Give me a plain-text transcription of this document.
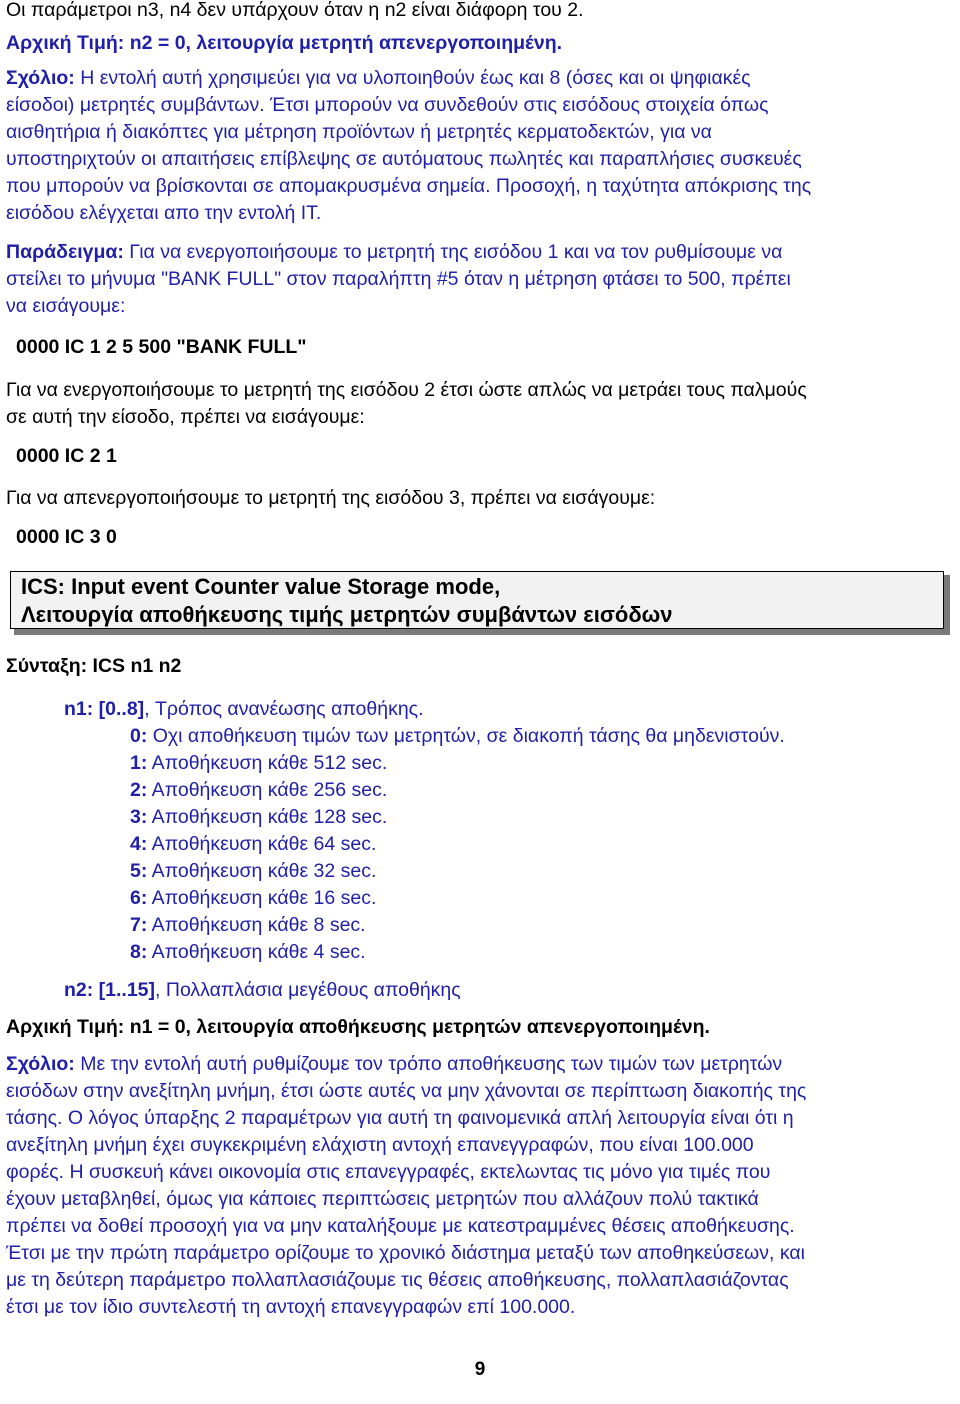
Οι παράμετροι n3, n4 δεν υπάρχουν όταν η n2 είναι διάφορη του 2.

Αρχική Τιμή: n2 = 0, λειτουργία μετρητή απενεργοποιημένη.

Σχόλιο: Η εντολή αυτή χρησιμεύει για να υλοποιηθούν έως και 8 (όσες και οι ψηφιακές
είσοδοι) μετρητές συμβάντων. Έτσι μπορούν να συνδεθούν στις εισόδους στοιχεία όπως
αισθητήρια ή διακόπτες για μέτρηση προϊόντων ή μετρητές κερματοδεκτών, για να
υποστηριχτούν οι απαιτήσεις επίβλεψης σε αυτόματους πωλητές και παραπλήσιες συσκευές
που μπορούν να βρίσκονται σε απομακρυσμένα σημεία. Προσοχή, η ταχύτητα απόκρισης της
εισόδου ελέγχεται απο την εντολή IT.

Παράδειγμα: Για να ενεργοποιήσουμε το μετρητή της εισόδου 1 και να τον ρυθμίσουμε να
στείλει το μήνυμα "BANK FULL" στον παραλήπτη #5 όταν η μέτρηση φτάσει το 500, πρέπει
να εισάγουμε:

0000 IC 1 2 5 500 "BANK FULL"

Για να ενεργοποιήσουμε το μετρητή της εισόδου 2 έτσι ώστε απλώς να μετράει τους παλμούς
σε αυτή την είσοδο, πρέπει να εισάγουμε:

0000 IC 2 1

Για να απενεργοποιήσουμε το μετρητή της εισόδου 3, πρέπει να εισάγουμε:

0000 IC 3 0

ICS: Input event Counter value Storage mode,
Λειτουργία αποθήκευσης τιμής μετρητών συμβάντων εισόδων

Σύνταξη: ICS n1 n2

n1: [0..8], Τρόπος ανανέωσης αποθήκης.

0: Οχι αποθήκευση τιμών των μετρητών, σε διακοπή τάσης θα μηδενιστούν.
1: Αποθήκευση κάθε 512 sec.
2: Αποθήκευση κάθε 256 sec.
3: Αποθήκευση κάθε 128 sec.
4: Αποθήκευση κάθε 64 sec.
5: Αποθήκευση κάθε 32 sec.
6: Αποθήκευση κάθε 16 sec.
7: Αποθήκευση κάθε 8 sec.
8: Αποθήκευση κάθε 4 sec.

n2: [1..15], Πολλαπλάσια μεγέθους αποθήκης

Αρχική Τιμή: n1 = 0, λειτουργία αποθήκευσης μετρητών απενεργοποιημένη.

Σχόλιο: Με την εντολή αυτή ρυθμίζουμε τον τρόπο αποθήκευσης των τιμών των μετρητών
εισόδων στην ανεξίτηλη μνήμη, έτσι ώστε αυτές να μην χάνονται σε περίπτωση διακοπής της
τάσης. Ο λόγος ύπαρξης 2 παραμέτρων για αυτή τη φαινομενικά απλή λειτουργία είναι ότι η
ανεξίτηλη μνήμη έχει συγκεκριμένη ελάχιστη αντοχή επανεγγραφών, που είναι 100.000
φορές. Η συσκευή κάνει οικονομία στις επανεγγραφές, εκτελωντας τις μόνο για τιμές που
έχουν μεταβληθεί, όμως για κάποιες περιπτώσεις μετρητών που αλλάζουν πολύ τακτικά
πρέπει να δοθεί προσοχή για να μην καταλήξουμε με κατεστραμμένες θέσεις αποθήκευσης.
Έτσι με την πρώτη παράμετρο ορίζουμε το χρονικό διάστημα μεταξύ των αποθηκεύσεων, και
με τη δεύτερη παράμετρο πολλαπλασιάζουμε τις θέσεις αποθήκευσης, πολλαπλασιάζοντας
έτσι με τον ίδιο συντελεστή τη αντοχή επανεγγραφών επί 100.000.

9
